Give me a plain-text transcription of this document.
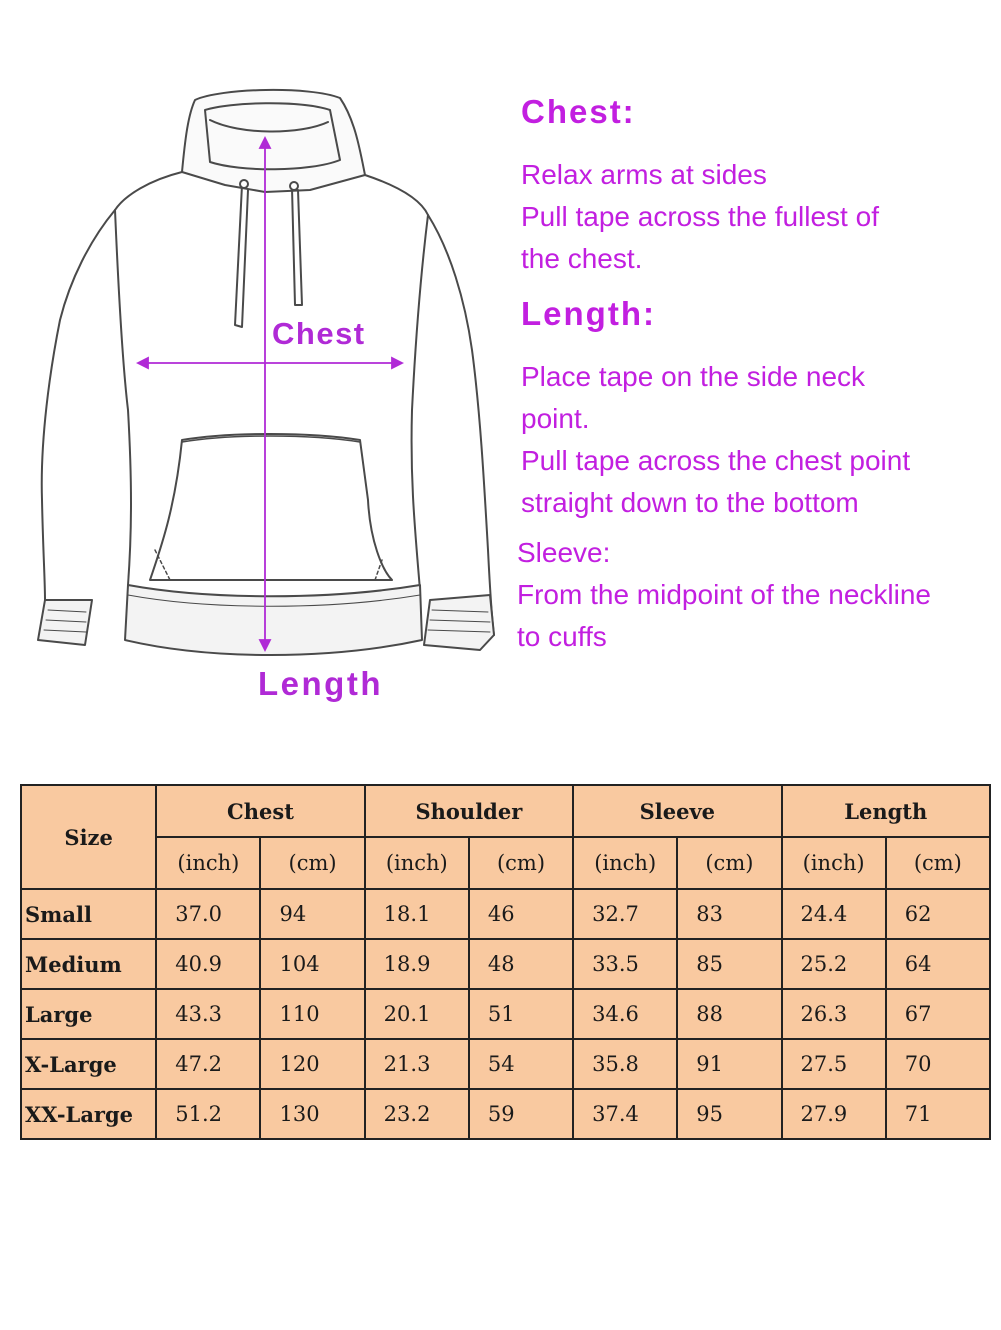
Chest
Length

Chest:

Relax arms at sides

Pull tape across the fullest of

the chest.

Length:

Place tape on the side neck

point.

Pull tape across the chest point

straight down to the bottom

Sleeve:

From the midpoint of the neckline

to cuffs

Size	Chest		Shoulder		Sleeve		Length	
	(inch)	(cm)	(inch)	(cm)	(inch)	(cm)	(inch)	(cm)
Small	37.0	94	18.1	46	32.7	83	24.4	62
Medium	40.9	104	18.9	48	33.5	85	25.2	64
Large	43.3	110	20.1	51	34.6	88	26.3	67
X-Large	47.2	120	21.3	54	35.8	91	27.5	70
XX-Large	51.2	130	23.2	59	37.4	95	27.9	71
